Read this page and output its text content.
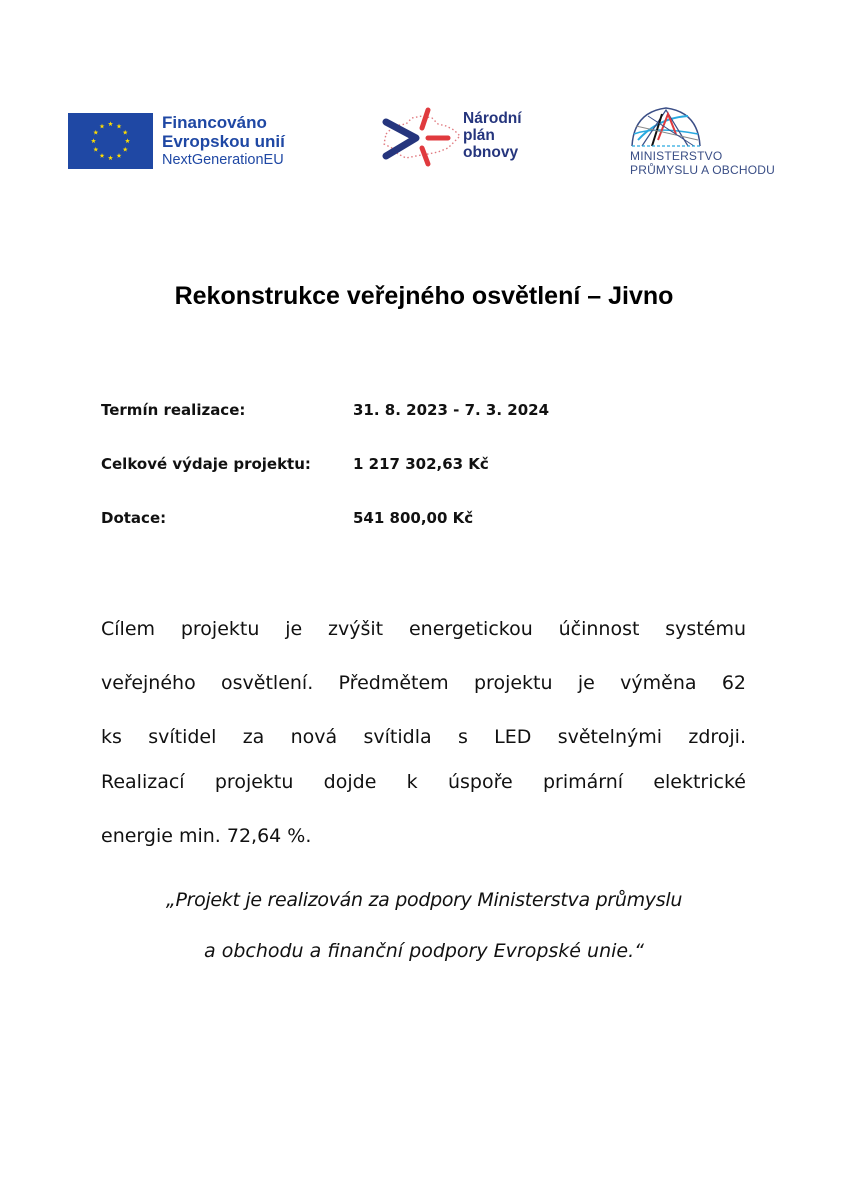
Financováno
Evropskou unií
NextGenerationEU
Národní
plán
obnovy	MINISTERSTVO
PRŮMYSLU A OBCHODU
Rekonstrukce veřejného osvětlení – Jivno
Termín realizace:	31. 8. 2023 - 7. 3. 2024
Celkové výdaje projektu:	1 217 302,63 Kč
Dotace:	541 800,00 Kč
Cílem projektu je zvýšit energetickou účinnost systému
veřejného osvětlení. Předmětem projektu je výměna 62
ks svítidel za nová svítidla s LED světelnými zdroji.
Realizací projektu dojde k úspoře primární elektrické
energie min. 72,64 %.
„Projekt je realizován za podpory Ministerstva průmyslu
a obchodu a finanční podpory Evropské unie.“
